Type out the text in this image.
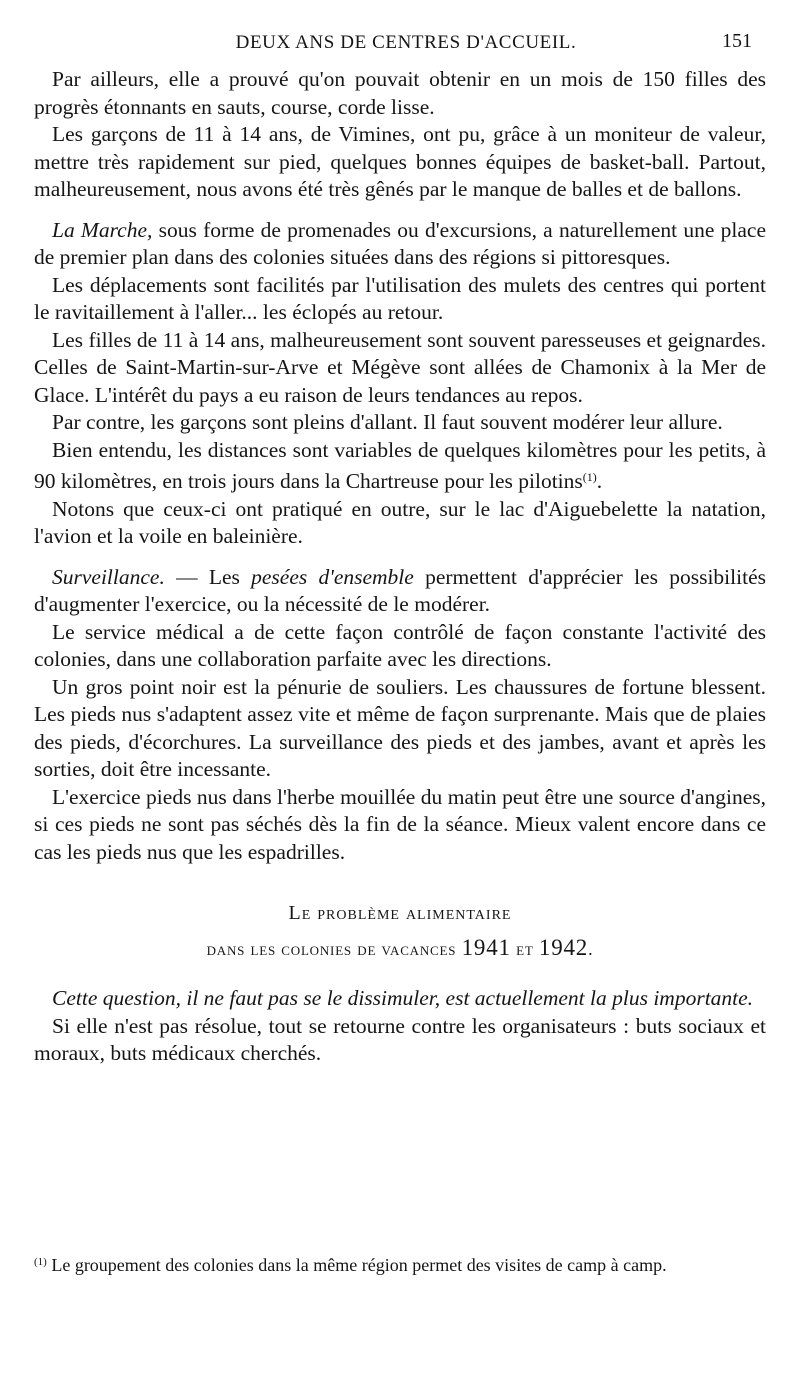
DEUX ANS DE CENTRES D'ACCUEIL.	151

Par ailleurs, elle a prouvé qu'on pouvait obtenir en un mois de 150 filles des progrès étonnants en sauts, course, corde lisse.

Les garçons de 11 à 14 ans, de Vimines, ont pu, grâce à un moniteur de valeur, mettre très rapidement sur pied, quelques bonnes équipes de basket-ball. Partout, malheureusement, nous avons été très gênés par le manque de balles et de ballons.

La Marche, sous forme de promenades ou d'excursions, a naturellement une place de premier plan dans des colonies situées dans des régions si pittoresques.

Les déplacements sont facilités par l'utilisation des mulets des centres qui portent le ravitaillement à l'aller... les éclopés au retour.

Les filles de 11 à 14 ans, malheureusement sont souvent paresseuses et geignardes. Celles de Saint-Martin-sur-Arve et Mégève sont allées de Chamonix à la Mer de Glace. L'intérêt du pays a eu raison de leurs tendances au repos.

Par contre, les garçons sont pleins d'allant. Il faut souvent modérer leur allure.

Bien entendu, les distances sont variables de quelques kilomètres pour les petits, à 90 kilomètres, en trois jours dans la Chartreuse pour les pilotins$^{(1)}$.

Notons que ceux-ci ont pratiqué en outre, sur le lac d'Aiguebelette la natation, l'avion et la voile en baleinière.

Surveillance. — Les pesées d'ensemble permettent d'apprécier les possibilités d'augmenter l'exercice, ou la nécessité de le modérer.

Le service médical a de cette façon contrôlé de façon constante l'activité des colonies, dans une collaboration parfaite avec les directions.

Un gros point noir est la pénurie de souliers. Les chaussures de fortune blessent. Les pieds nus s'adaptent assez vite et même de façon surprenante. Mais que de plaies des pieds, d'écorchures. La surveillance des pieds et des jambes, avant et après les sorties, doit être incessante.

L'exercice pieds nus dans l'herbe mouillée du matin peut être une source d'angines, si ces pieds ne sont pas séchés dès la fin de la séance. Mieux valent encore dans ce cas les pieds nus que les espadrilles.

Le problème alimentaire
dans les colonies de vacances 1941 et 1942.

Cette question, il ne faut pas se le dissimuler, est actuellement la plus importante.

Si elle n'est pas résolue, tout se retourne contre les organisateurs : buts sociaux et moraux, buts médicaux cherchés.

$^{(1)}$ Le groupement des colonies dans la même région permet des visites de camp à camp.
